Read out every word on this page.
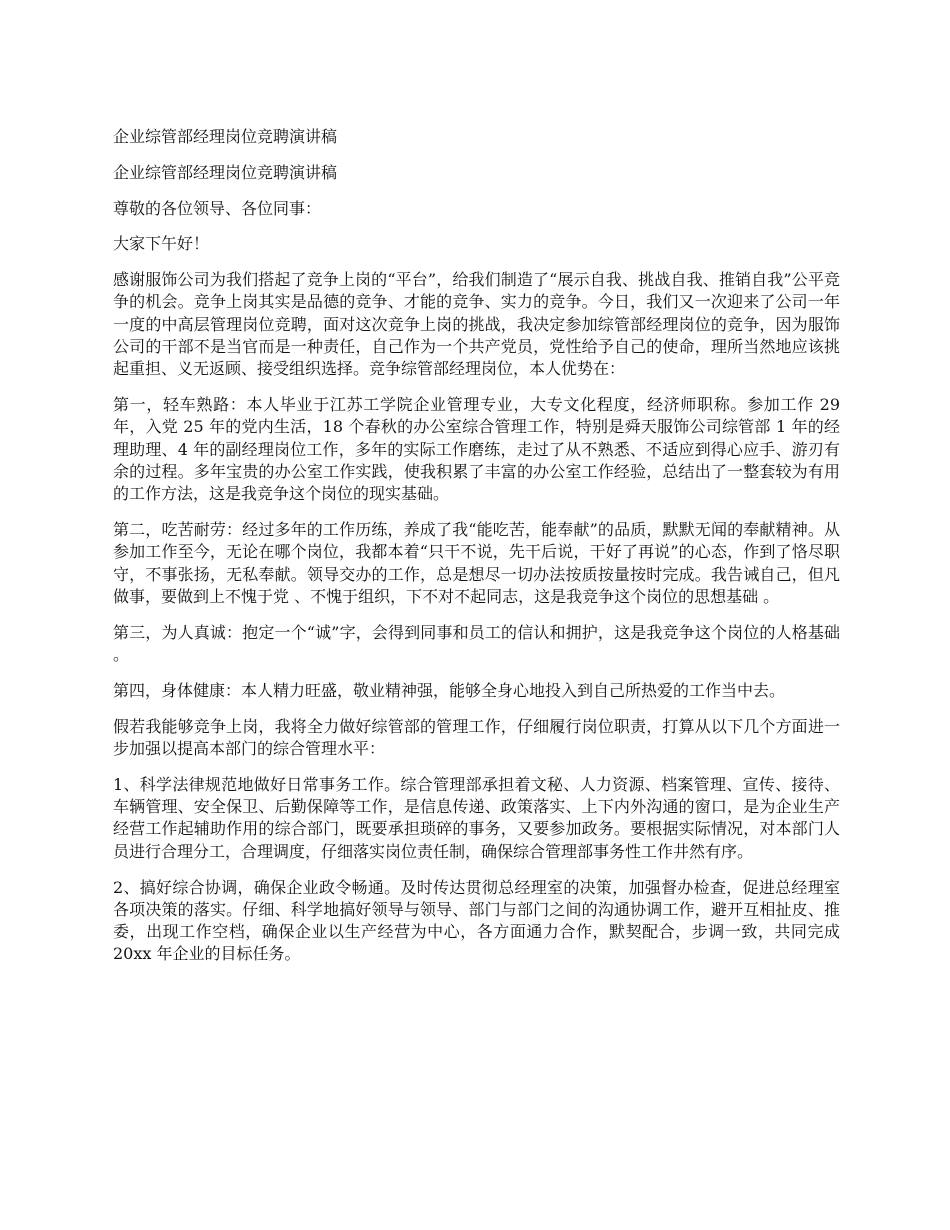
企业综管部经理岗位竞聘演讲稿

企业综管部经理岗位竞聘演讲稿

尊敬的各位领导、各位同事：

大家下午好！

感谢服饰公司为我们搭起了竞争上岗的“平台”，给我们制造了“展示自我、挑战自我、推销自我”公平竞争的机会。竞争上岗其实是品德的竞争、才能的竞争、实力的竞争。今日，我们又一次迎来了公司一年一度的中高层管理岗位竞聘，面对这次竞争上岗的挑战，我决定参加综管部经理岗位的竞争，因为服饰公司的干部不是当官而是一种责任，自己作为一个共产党员，党性给予自己的使命，理所当然地应该挑起重担、义无返顾、接受组织选择。竞争综管部经理岗位，本人优势在：

第一，轻车熟路：本人毕业于江苏工学院企业管理专业，大专文化程度，经济师职称。参加工作 29 年，入党 25 年的党内生活，18 个春秋的办公室综合管理工作，特别是舜天服饰公司综管部 1 年的经理助理、4 年的副经理岗位工作，多年的实际工作磨练，走过了从不熟悉、不适应到得心应手、游刃有余的过程。多年宝贵的办公室工作实践，使我积累了丰富的办公室工作经验，总结出了一整套较为有用的工作方法，这是我竞争这个岗位的现实基础。

第二，吃苦耐劳：经过多年的工作历练，养成了我“能吃苦，能奉献”的品质，默默无闻的奉献精神。从参加工作至今，无论在哪个岗位，我都本着“只干不说，先干后说，干好了再说”的心态，作到了恪尽职守，不事张扬，无私奉献。领导交办的工作，总是想尽一切办法按质按量按时完成。我告诫自己，但凡做事，要做到上不愧于党 、不愧于组织，下不对不起同志，这是我竞争这个岗位的思想基础 。

第三，为人真诚：抱定一个“诚”字，会得到同事和员工的信认和拥护，这是我竞争这个岗位的人格基础 。

第四，身体健康：本人精力旺盛，敬业精神强，能够全身心地投入到自己所热爱的工作当中去。

假若我能够竞争上岗，我将全力做好综管部的管理工作，仔细履行岗位职责，打算从以下几个方面进一步加强以提高本部门的综合管理水平：

1、科学法律规范地做好日常事务工作。综合管理部承担着文秘、人力资源、档案管理、宣传、接待、车辆管理、安全保卫、后勤保障等工作，是信息传递、政策落实、上下内外沟通的窗口，是为企业生产经营工作起辅助作用的综合部门，既要承担琐碎的事务，又要参加政务。要根据实际情况，对本部门人员进行合理分工，合理调度，仔细落实岗位责任制，确保综合管理部事务性工作井然有序。

2、搞好综合协调，确保企业政令畅通。及时传达贯彻总经理室的决策，加强督办检查，促进总经理室各项决策的落实。仔细、科学地搞好领导与领导、部门与部门之间的沟通协调工作，避开互相扯皮、推委，出现工作空档，确保企业以生产经营为中心，各方面通力合作，默契配合，步调一致，共同完成 20xx 年企业的目标任务。
